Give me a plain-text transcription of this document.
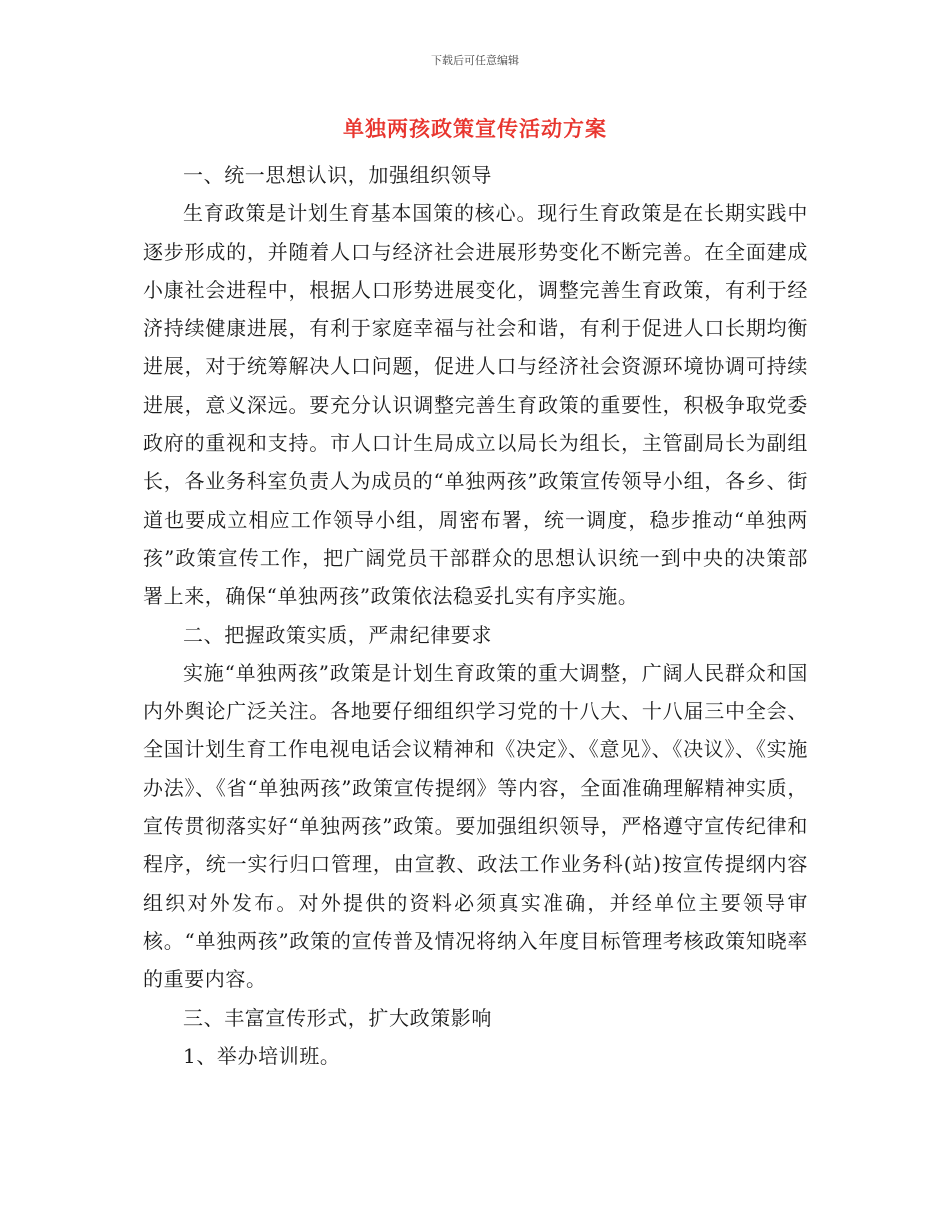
下载后可任意编辑
单独两孩政策宣传活动方案

一、统一思想认识，加强组织领导

生育政策是计划生育基本国策的核心。现行生育政策是在长期实践中逐步形成的，并随着人口与经济社会进展形势变化不断完善。在全面建成小康社会进程中，根据人口形势进展变化，调整完善生育政策，有利于经济持续健康进展，有利于家庭幸福与社会和谐，有利于促进人口长期均衡进展，对于统筹解决人口问题，促进人口与经济社会资源环境协调可持续进展，意义深远。要充分认识调整完善生育政策的重要性，积极争取党委政府的重视和支持。市人口计生局成立以局长为组长，主管副局长为副组长，各业务科室负责人为成员的“单独两孩”政策宣传领导小组，各乡、街道也要成立相应工作领导小组，周密布署，统一调度，稳步推动“单独两孩”政策宣传工作，把广阔党员干部群众的思想认识统一到中央的决策部署上来，确保“单独两孩”政策依法稳妥扎实有序实施。

二、把握政策实质，严肃纪律要求

实施“单独两孩”政策是计划生育政策的重大调整，广阔人民群众和国内外舆论广泛关注。各地要仔细组织学习党的十八大、十八届三中全会、全国计划生育工作电视电话会议精神和《决定》、《意见》、《决议》、《实施办法》、《省“单独两孩”政策宣传提纲》等内容，全面准确理解精神实质，宣传贯彻落实好“单独两孩”政策。要加强组织领导，严格遵守宣传纪律和程序，统一实行归口管理，由宣教、政法工作业务科(站)按宣传提纲内容组织对外发布。对外提供的资料必须真实准确，并经单位主要领导审核。“单独两孩”政策的宣传普及情况将纳入年度目标管理考核政策知晓率的重要内容。

三、丰富宣传形式，扩大政策影响

1、举办培训班。
